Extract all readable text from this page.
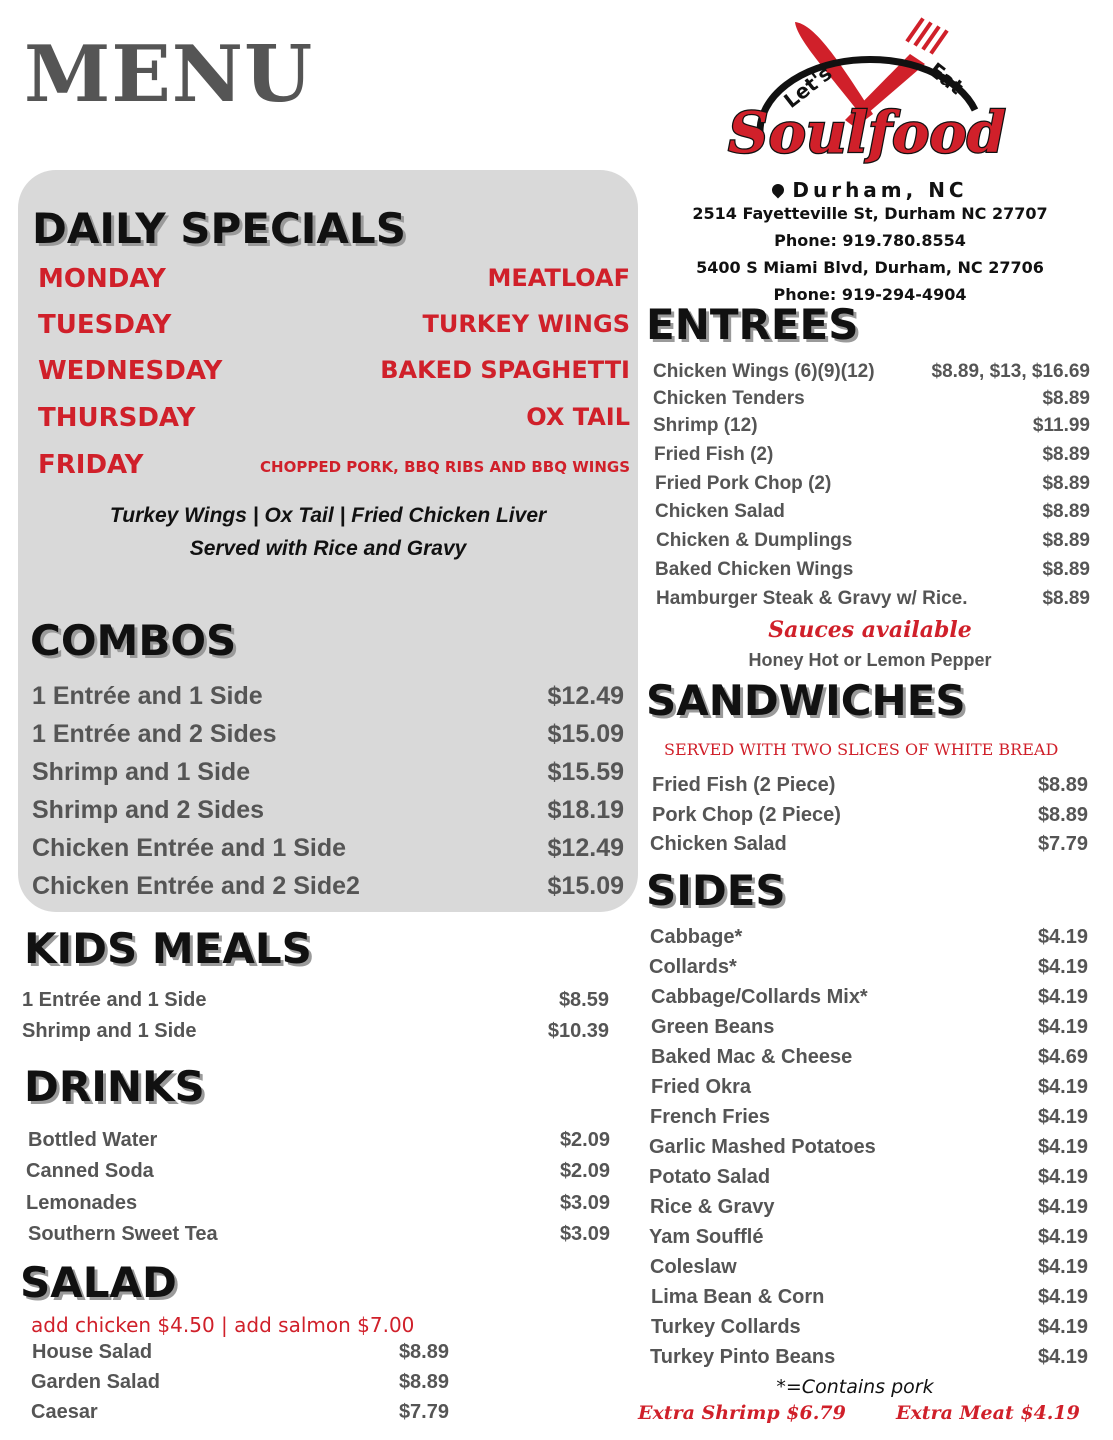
MENU
DAILY SPECIALS
MONDAY	MEATLOAF
TUESDAY	TURKEY WINGS
WEDNESDAY	BAKED SPAGHETTI
THURSDAY	OX TAIL
FRIDAY	CHOPPED PORK, BBQ RIBS AND BBQ WINGS
Turkey Wings | Ox Tail | Fried Chicken Liver
Served with Rice and Gravy
COMBOS
1 Entrée and 1 Side	$12.49
1 Entrée and 2 Sides	$15.09
Shrimp and 1 Side	$15.59
Shrimp and 2 Sides	$18.19
Chicken Entrée and 1 Side	$12.49
Chicken Entrée and 2 Side2	$15.09
KIDS MEALS
1 Entrée and 1 Side	$8.59
Shrimp and 1 Side	$10.39
DRINKS
Bottled Water	$2.09
Canned Soda	$2.09
Lemonades	$3.09
Southern Sweet Tea	$3.09
SALAD
add chicken $4.50 | add salmon $7.00
House Salad	$8.89
Garden Salad	$8.89
Caesar	$7.79
Let's	Eat
Soulfood
Durham, NC
2514 Fayetteville St, Durham NC 27707
Phone: 919.780.8554
5400 S Miami Blvd, Durham, NC 27706
Phone: 919-294-4904
ENTREES
Chicken Wings (6)(9)(12)	$8.89, $13, $16.69
Chicken Tenders	$8.89
Shrimp (12)	$11.99
Fried Fish (2)	$8.89
Fried Pork Chop (2)	$8.89
Chicken Salad	$8.89
Chicken & Dumplings	$8.89
Baked Chicken Wings	$8.89
Hamburger Steak & Gravy w/ Rice.	$8.89
Sauces available
Honey Hot or Lemon Pepper
SANDWICHES
SERVED WITH TWO SLICES OF WHITE BREAD
Fried Fish (2 Piece)	$8.89
Pork Chop (2 Piece)	$8.89
Chicken Salad	$7.79
SIDES
Cabbage*	$4.19
Collards*	$4.19
Cabbage/Collards Mix*	$4.19
Green Beans	$4.19
Baked Mac & Cheese	$4.69
Fried Okra	$4.19
French Fries	$4.19
Garlic Mashed Potatoes	$4.19
Potato Salad	$4.19
Rice & Gravy	$4.19
Yam Soufflé	$4.19
Coleslaw	$4.19
Lima Bean & Corn	$4.19
Turkey Collards	$4.19
Turkey Pinto Beans	$4.19
*=Contains pork
Extra Shrimp $6.79	Extra Meat $4.19
